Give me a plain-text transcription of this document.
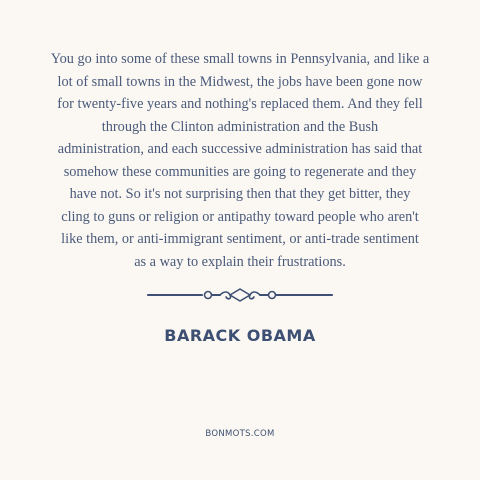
You go into some of these small towns in Pennsylvania, and like a
lot of small towns in the Midwest, the jobs have been gone now
for twenty-five years and nothing's replaced them. And they fell
through the Clinton administration and the Bush
administration, and each successive administration has said that
somehow these communities are going to regenerate and they
have not. So it's not surprising then that they get bitter, they
cling to guns or religion or antipathy toward people who aren't
like them, or anti-immigrant sentiment, or anti-trade sentiment
as a way to explain their frustrations.
BARACK OBAMA
BONMOTS.COM
